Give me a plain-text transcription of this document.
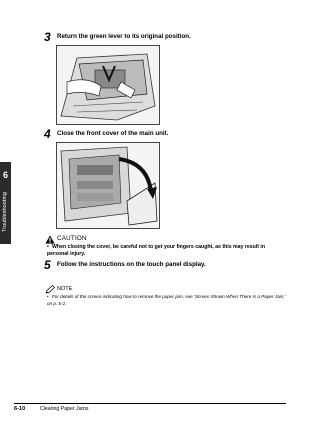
6
Troubleshooting
3 Return the green lever to its original position.
4 Close the front cover of the main unit.
CAUTION
• When closing the cover, be careful not to get your fingers caught, as this may result in personal injury.
5 Follow the instructions on the touch panel display.
NOTE
• For details of the screen indicating how to remove the paper jam, see 'Screen Shown When There Is a Paper Jam,' on p. 6-2.
6-10	Clearing Paper Jams
